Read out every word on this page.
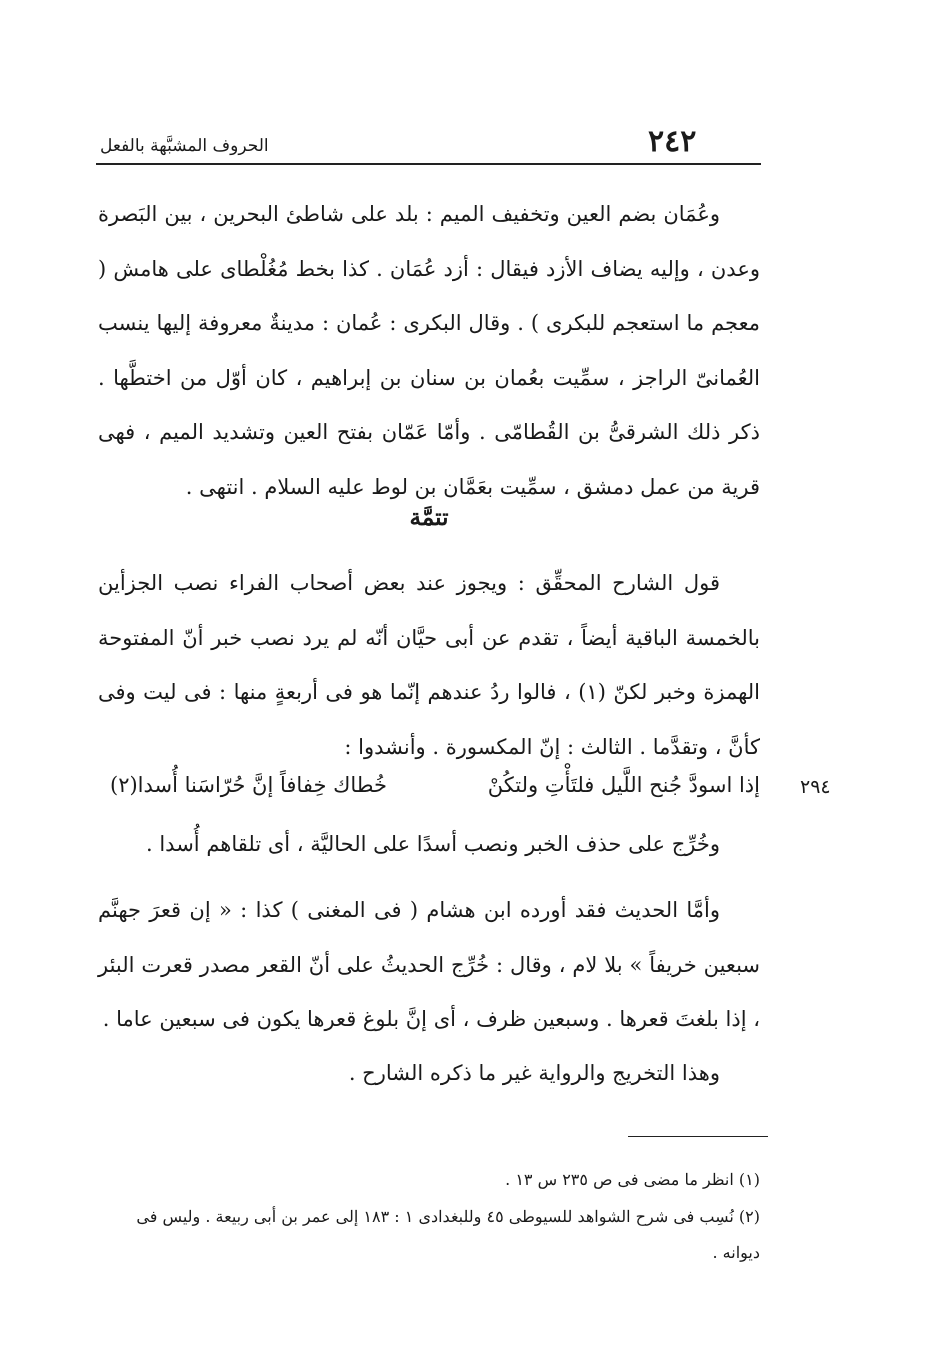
٢٤٢
الحروف المشبَّهة بالفعل

وعُمَان بضم العين وتخفيف الميم : بلد على شاطئ البحرين ، بين البَصرة وعدن ، وإليه يضاف الأزد فيقال : أزد عُمَان . كذا بخط مُغُلْطاى على هامش ( معجم ما استعجم للبكرى ) . وقال البكرى : عُمان : مدينةٌ معروفة إليها ينسب العُمانىّ الراجز ، سمِّيت بعُمان بن سنان بن إبراهيم ، كان أوّل من اختطَّها . ذكر ذلك الشرقىُّ بن القُطامّى . وأمّا عَمّان بفتح العين وتشديد الميم ، فهى قرية من عمل دمشق ، سمِّيت بعَمَّان بن لوط عليه السلام . انتهى .

تتمَّة

قول الشارح المحقِّق : ويجوز عند بعض أصحاب الفراء نصب الجزأين بالخمسة الباقية أيضاً ، تقدم عن أبى حيَّان أنّه لم يرد نصب خبر أنّ المفتوحة الهمزة وخبر لكنّ (١) ، فالوا ردُ عندهم إنّما هو فى أربعةٍ منها : فى ليت وفى كأنَّ ، وتقدَّما . الثالث : إنّ المكسورة . وأنشدوا :

إذا اسودَّ جُنح اللَّيل فلتَأْتِ ولتكُنْ
خُطاك خِفافاً إنَّ حُرّاسَنا أُسدا(٢)	٢٩٤

وخُرِّج على حذف الخبر ونصب أسدًا على الحاليَّة ، أى تلقاهم أُسدا .

وأمَّا الحديث فقد أورده ابن هشام ( فى المغنى ) كذا : « إن قعرَ جهنَّم سبعين خريفاً » بلا لام ، وقال : خُرِّج الحديثُ على أنّ القعر مصدر قعرت البئر ، إذا بلغتَ قعرها . وسبعين ظرف ، أى إنَّ بلوغ قعرها يكون فى سبعين عاما .

وهذا التخريج والرواية غير ما ذكره الشارح .

(١) انظر ما مضى فى ص ٢٣٥ س ١٣ .

(٢) نُسِب فى شرح الشواهد للسيوطى ٤٥ وللبغدادى ١ : ١٨٣ إلى عمر بن أبى ربيعة . وليس فى ديوانه .
